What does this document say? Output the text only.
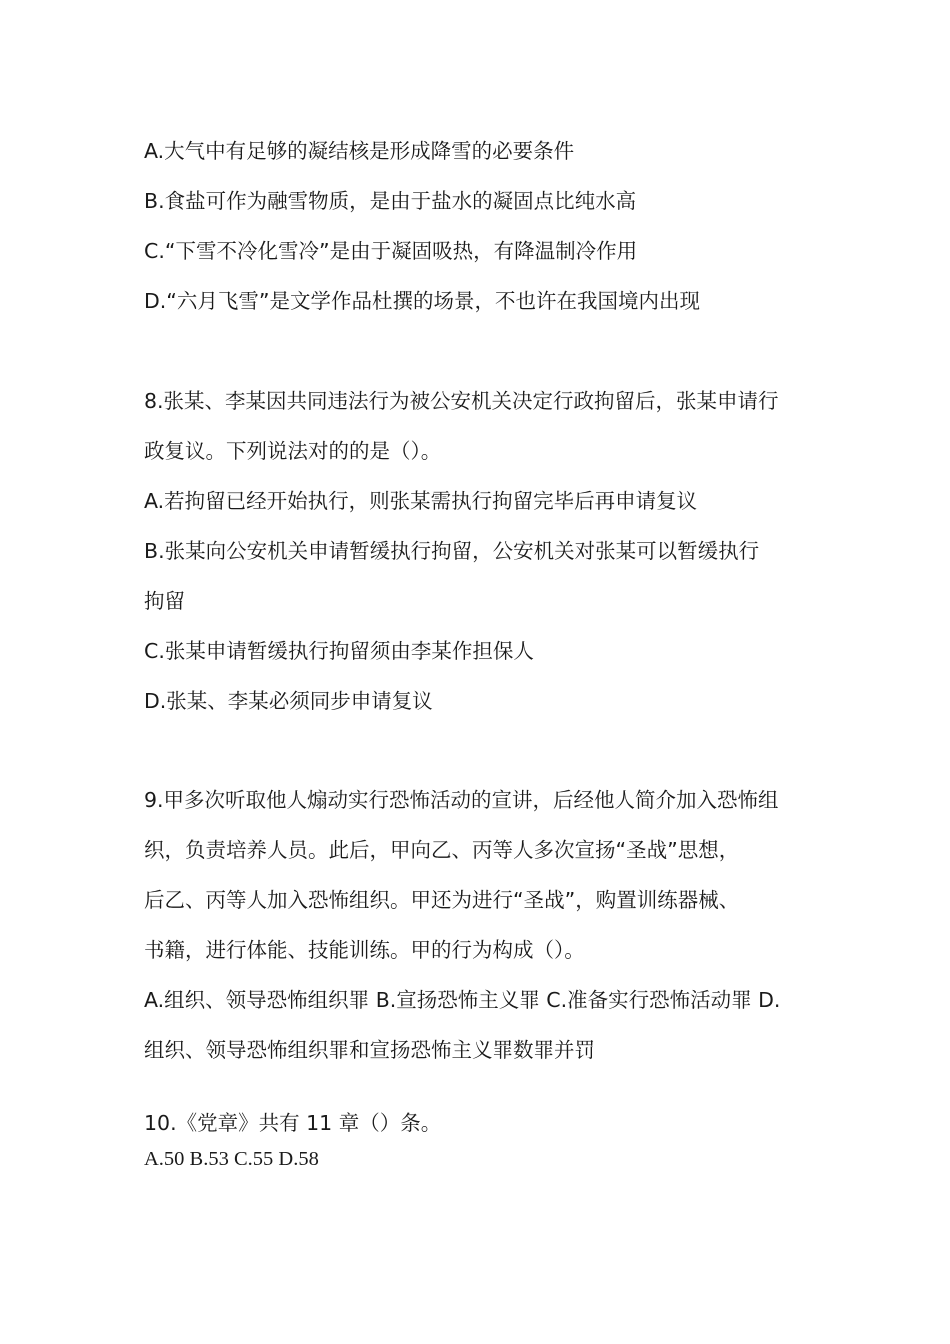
A.大气中有足够的凝结核是形成降雪的必要条件
B.食盐可作为融雪物质，是由于盐水的凝固点比纯水高
C.“下雪不冷化雪冷”是由于凝固吸热，有降温制冷作用
D.“六月飞雪”是文学作品杜撰的场景，不也许在我国境内出现
8.张某、李某因共同违法行为被公安机关决定行政拘留后，张某申请行
政复议。下列说法对的的是（）。
A.若拘留已经开始执行，则张某需执行拘留完毕后再申请复议
B.张某向公安机关申请暂缓执行拘留，公安机关对张某可以暂缓执行
拘留
C.张某申请暂缓执行拘留须由李某作担保人
D.张某、李某必须同步申请复议
9.甲多次听取他人煽动实行恐怖活动的宣讲，后经他人简介加入恐怖组
织，负责培养人员。此后，甲向乙、丙等人多次宣扬“圣战”思想，
后乙、丙等人加入恐怖组织。甲还为进行“圣战”，购置训练器械、
书籍，进行体能、技能训练。甲的行为构成（）。
A.组织、领导恐怖组织罪 B.宣扬恐怖主义罪 C.准备实行恐怖活动罪 D.
组织、领导恐怖组织罪和宣扬恐怖主义罪数罪并罚
10.《党章》共有 11 章（）条。
A.50 B.53 C.55 D.58
